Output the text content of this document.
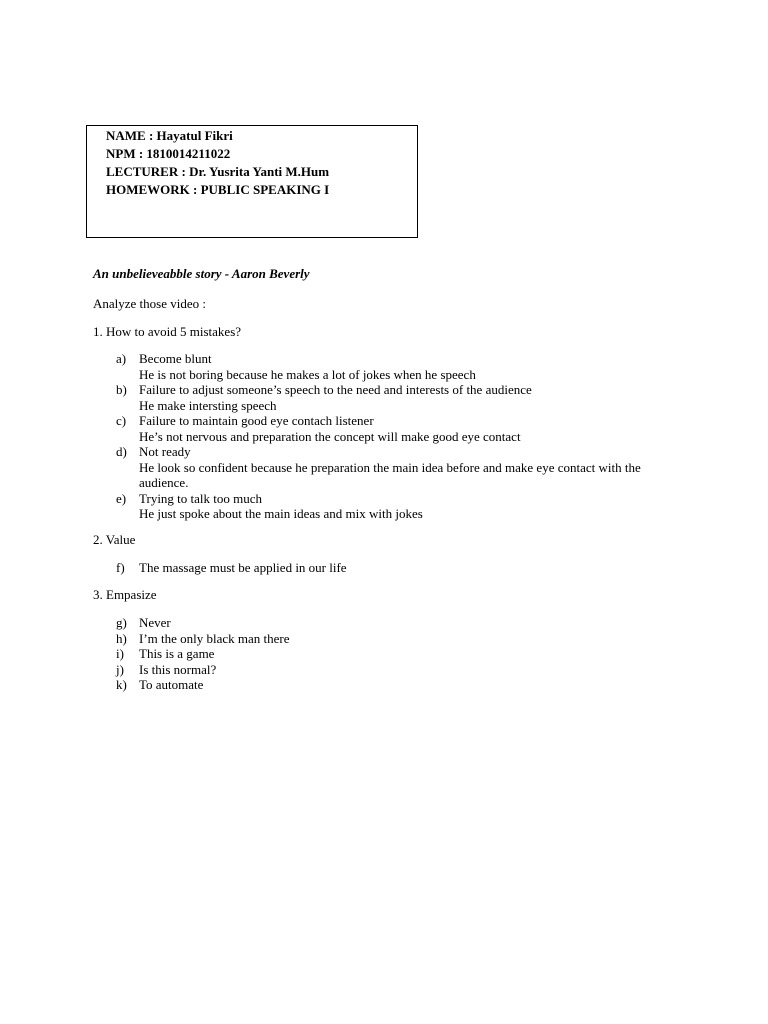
NAME : Hayatul Fikri
NPM : 1810014211022
LECTURER : Dr. Yusrita Yanti M.Hum
HOMEWORK : PUBLIC SPEAKING I
An unbelieveabble story - Aaron Beverly
Analyze those video :
1. How to avoid 5 mistakes?
a) Become blunt
He is not boring because he makes a lot of jokes when he speech
b) Failure to adjust someone’s speech to the need and interests of the audience
He make intersting speech
c) Failure to maintain good eye contach listener
He’s not nervous and preparation the concept will make good eye contact
d) Not ready
He look so confident because he preparation the main idea before and make eye contact with the audience.
e) Trying to talk too much
He just spoke about the main ideas and mix with jokes
2. Value
f)	The massage must be applied in our life
3. Empasize
g) Never
h) I’m the only black man there
i)	This is a game
j)	Is this normal?
k) To automate
